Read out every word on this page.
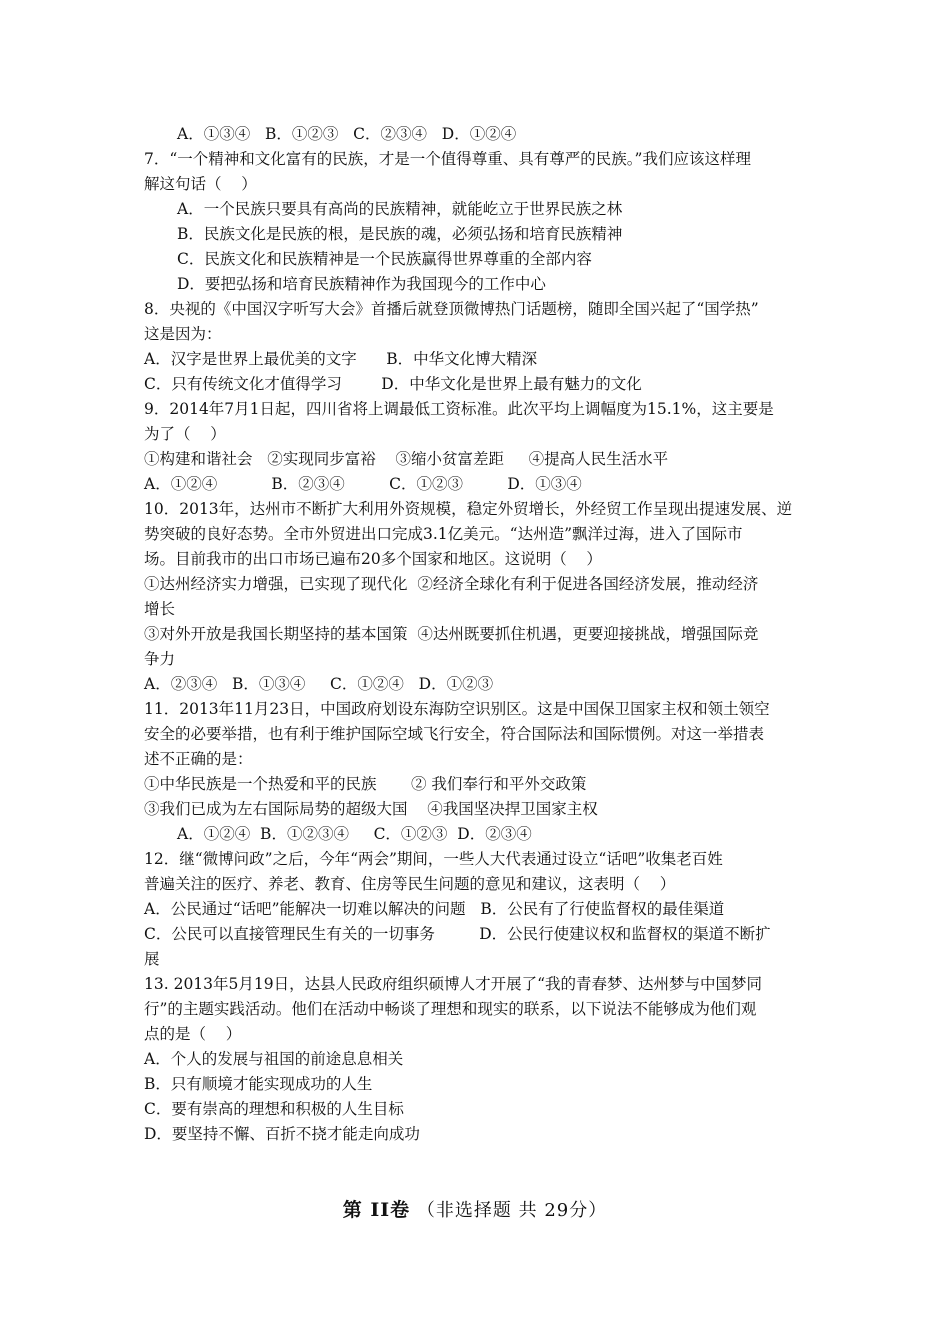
A．①③④   B．①②③   C．②③④   D．①②④
7．“一个精神和文化富有的民族，才是一个值得尊重、具有尊严的民族。”我们应该这样理
解这句话（    ）
A．一个民族只要具有高尚的民族精神，就能屹立于世界民族之林
B．民族文化是民族的根，是民族的魂，必须弘扬和培育民族精神
C．民族文化和民族精神是一个民族赢得世界尊重的全部内容
D．要把弘扬和培育民族精神作为我国现今的工作中心
8．央视的《中国汉字听写大会》首播后就登顶微博热门话题榜，随即全国兴起了“国学热”
这是因为：
A．汉字是世界上最优美的文字      B．中华文化博大精深
C．只有传统文化才值得学习        D．中华文化是世界上最有魅力的文化
9．2014年7月1日起，四川省将上调最低工资标准。此次平均上调幅度为15.1%，这主要是
为了（    ）
①构建和谐社会   ②实现同步富裕    ③缩小贫富差距     ④提高人民生活水平
A．①②④           B．②③④         C．①②③         D．①③④
10．2013年，达州市不断扩大利用外资规模，稳定外贸增长，外经贸工作呈现出提速发展、逆
势突破的良好态势。全市外贸进出口完成3.1亿美元。“达州造”飘洋过海，进入了国际市
场。目前我市的出口市场已遍布20多个国家和地区。这说明（    ）
①达州经济实力增强，已实现了现代化  ②经济全球化有利于促进各国经济发展，推动经济
增长
③对外开放是我国长期坚持的基本国策  ④达州既要抓住机遇，更要迎接挑战，增强国际竞
争力
A．②③④   B．①③④     C．①②④   D．①②③
11．2013年11月23日，中国政府划设东海防空识别区。这是中国保卫国家主权和领土领空
安全的必要举措，也有利于维护国际空域飞行安全，符合国际法和国际惯例。对这一举措表
述不正确的是：
①中华民族是一个热爱和平的民族       ② 我们奉行和平外交政策
③我们已成为左右国际局势的超级大国    ④我国坚决捍卫国家主权
A．①②④  B．①②③④     C．①②③  D．②③④
12．继“微博问政”之后，今年“两会”期间，一些人大代表通过设立“话吧”收集老百姓
普遍关注的医疗、养老、教育、住房等民生问题的意见和建议，这表明（    ）
A．公民通过“话吧”能解决一切难以解决的问题   B．公民有了行使监督权的最佳渠道
C．公民可以直接管理民生有关的一切事务         D．公民行使建议权和监督权的渠道不断扩
展
13. 2013年5月19日，达县人民政府组织硕博人才开展了“我的青春梦、达州梦与中国梦同
行”的主题实践活动。他们在活动中畅谈了理想和现实的联系，以下说法不能够成为他们观
点的是（    ）
A．个人的发展与祖国的前途息息相关
B．只有顺境才能实现成功的人生
C．要有崇高的理想和积极的人生目标
D．要坚持不懈、百折不挠才能走向成功
第 II卷 （非选择题 共 29分）
